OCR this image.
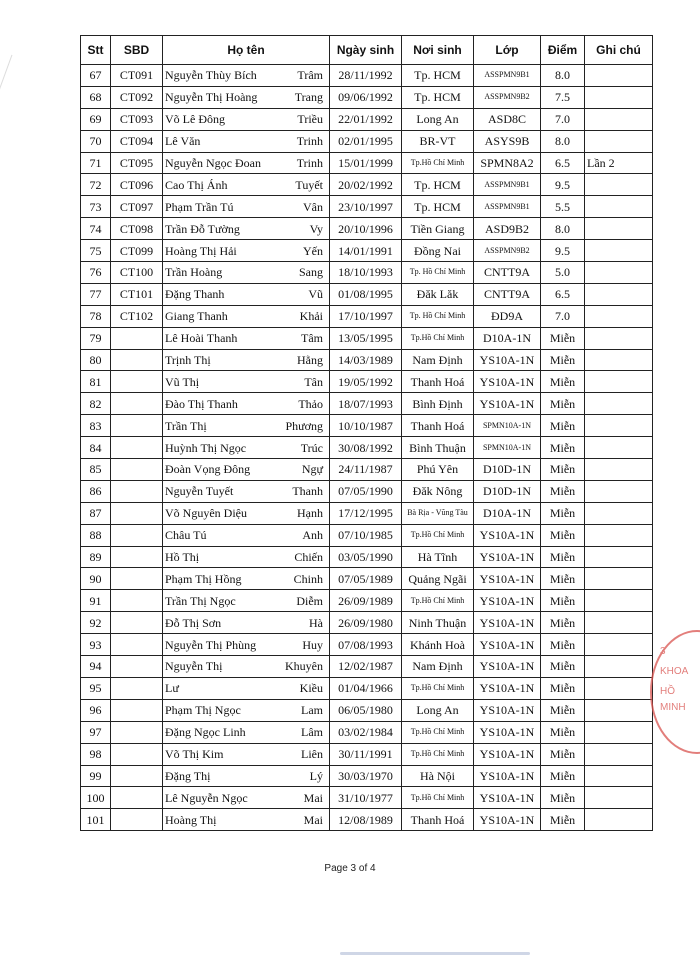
Stt	SBD	Họ tên	Ngày sinh	Nơi sinh	Lớp	Điểm	Ghi chú
67	CT091	Nguyễn Thùy Bích Trâm	28/11/1992	Tp. HCM	ASSPMN9B1	8.0	
68	CT092	Nguyễn Thị Hoàng Trang	09/06/1992	Tp. HCM	ASSPMN9B2	7.5	
69	CT093	Võ Lê Đông Triều	22/01/1992	Long An	ASD8C	7.0	
70	CT094	Lê Văn Trinh	02/01/1995	BR-VT	ASYS9B	8.0	
71	CT095	Nguyễn Ngọc Đoan Trinh	15/01/1999	Tp.Hồ Chí Minh	SPMN8A2	6.5	Lần 2
72	CT096	Cao Thị Ánh Tuyết	20/02/1992	Tp. HCM	ASSPMN9B1	9.5	
73	CT097	Phạm Trần Tú Vân	23/10/1997	Tp. HCM	ASSPMN9B1	5.5	
74	CT098	Trần Đỗ Tường Vy	20/10/1996	Tiền Giang	ASD9B2	8.0	
75	CT099	Hoàng Thị Hải Yến	14/01/1991	Đồng Nai	ASSPMN9B2	9.5	
76	CT100	Trần Hoàng Sang	18/10/1993	Tp. Hồ Chí Minh	CNTT9A	5.0	
77	CT101	Đặng Thanh Vũ	01/08/1995	Đăk Lăk	CNTT9A	6.5	
78	CT102	Giang Thanh Khải	17/10/1997	Tp. Hồ Chí Minh	ĐD9A	7.0	
79		Lê Hoài Thanh Tâm	13/05/1995	Tp.Hồ Chí Minh	D10A-1N	Miễn	
80		Trịnh Thị Hằng	14/03/1989	Nam Định	YS10A-1N	Miễn	
81		Vũ Thị Tân	19/05/1992	Thanh Hoá	YS10A-1N	Miễn	
82		Đào Thị Thanh Thảo	18/07/1993	Bình Định	YS10A-1N	Miễn	
83		Trần Thị Phương	10/10/1987	Thanh Hoá	SPMN10A-1N	Miễn	
84		Huỳnh Thị Ngọc Trúc	30/08/1992	Bình Thuận	SPMN10A-1N	Miễn	
85		Đoàn Vọng Đông Ngự	24/11/1987	Phú Yên	D10D-1N	Miễn	
86		Nguyễn Tuyết Thanh	07/05/1990	Đăk Nông	D10D-1N	Miễn	
87		Võ Nguyên Diệu Hạnh	17/12/1995	Bà Rịa - Vũng Tàu	D10A-1N	Miễn	
88		Châu Tú Anh	07/10/1985	Tp.Hồ Chí Minh	YS10A-1N	Miễn	
89		Hồ Thị Chiến	03/05/1990	Hà Tĩnh	YS10A-1N	Miễn	
90		Phạm Thị Hồng Chinh	07/05/1989	Quảng Ngãi	YS10A-1N	Miễn	
91		Trần Thị Ngọc Diễm	26/09/1989	Tp.Hồ Chí Minh	YS10A-1N	Miễn	
92		Đỗ Thị Sơn Hà	26/09/1980	Ninh Thuận	YS10A-1N	Miễn	
93		Nguyễn Thị Phùng Huy	07/08/1993	Khánh Hoà	YS10A-1N	Miễn	
94		Nguyễn Thị Khuyên	12/02/1987	Nam Định	YS10A-1N	Miễn	
95		Lư Kiều	01/04/1966	Tp.Hồ Chí Minh	YS10A-1N	Miễn	
96		Phạm Thị Ngọc Lam	06/05/1980	Long An	YS10A-1N	Miễn	
97		Đặng Ngọc Linh Lâm	03/02/1984	Tp.Hồ Chí Minh	YS10A-1N	Miễn	
98		Võ Thị Kim Liên	30/11/1991	Tp.Hồ Chí Minh	YS10A-1N	Miễn	
99		Đặng Thị Lý	30/03/1970	Hà Nội	YS10A-1N	Miễn	
100		Lê Nguyễn Ngọc Mai	31/10/1977	Tp.Hồ Chí Minh	YS10A-1N	Miễn	
101		Hoàng Thị Mai	12/08/1989	Thanh Hoá	YS10A-1N	Miễn	
Page 3 of 4
3
KHOA
HỒ
MINH
